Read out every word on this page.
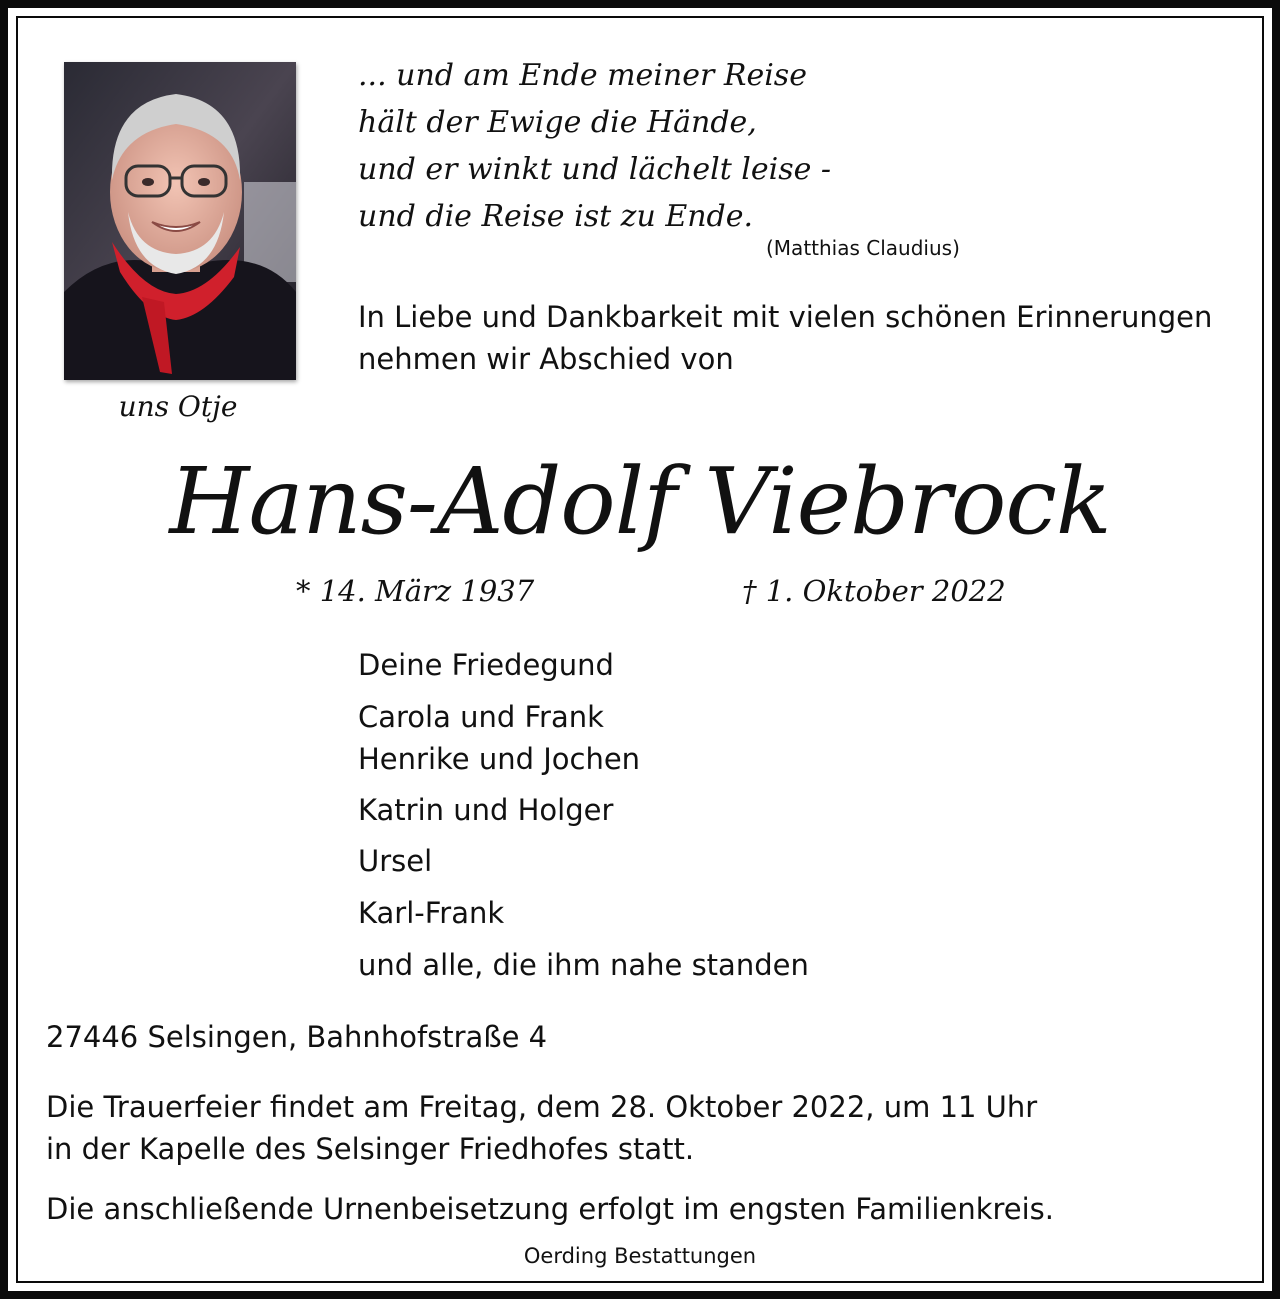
uns Otje
... und am Ende meiner Reise
hält der Ewige die Hände,
und er winkt und lächelt leise -
und die Reise ist zu Ende.
(Matthias Claudius)
In Liebe und Dankbarkeit mit vielen schönen Erinnerungen
nehmen wir Abschied von
Hans-Adolf Viebrock
* 14. März 1937	† 1. Oktober 2022
Deine Friedegund
Carola und Frank
Henrike und Jochen
Katrin und Holger
Ursel
Karl-Frank
und alle, die ihm nahe standen
27446 Selsingen, Bahnhofstraße 4
Die Trauerfeier findet am Freitag, dem 28. Oktober 2022, um 11 Uhr
in der Kapelle des Selsinger Friedhofes statt.
Die anschließende Urnenbeisetzung erfolgt im engsten Familienkreis.
Oerding Bestattungen
